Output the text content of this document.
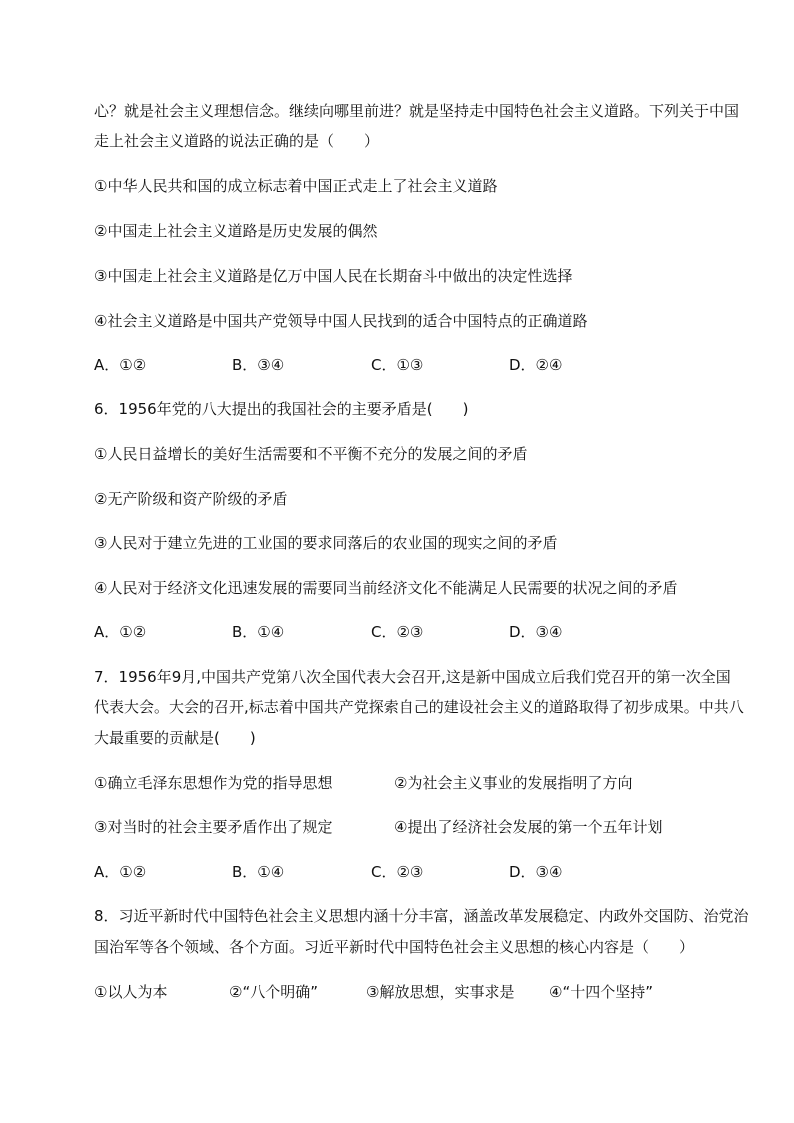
心？就是社会主义理想信念。继续向哪里前进？就是坚持走中国特色社会主义道路。下列关于中国
走上社会主义道路的说法正确的是（　　）
①中华人民共和国的成立标志着中国正式走上了社会主义道路
②中国走上社会主义道路是历史发展的偶然
③中国走上社会主义道路是亿万中国人民在长期奋斗中做出的决定性选择
④社会主义道路是中国共产党领导中国人民找到的适合中国特点的正确道路
A．①②	B．③④	C．①③	D．②④
6．1956年党的八大提出的我国社会的主要矛盾是(　　)
①人民日益增长的美好生活需要和不平衡不充分的发展之间的矛盾
②无产阶级和资产阶级的矛盾
③人民对于建立先进的工业国的要求同落后的农业国的现实之间的矛盾
④人民对于经济文化迅速发展的需要同当前经济文化不能满足人民需要的状况之间的矛盾
A．①②	B．①④	C．②③	D．③④
7．1956年9月,中国共产党第八次全国代表大会召开,这是新中国成立后我们党召开的第一次全国
代表大会。大会的召开,标志着中国共产党探索自己的建设社会主义的道路取得了初步成果。中共八
大最重要的贡献是(　　)
①确立毛泽东思想作为党的指导思想	②为社会主义事业的发展指明了方向
③对当时的社会主要矛盾作出了规定	④提出了经济社会发展的第一个五年计划
A．①②	B．①④	C．②③	D．③④
8．习近平新时代中国特色社会主义思想内涵十分丰富，涵盖改革发展稳定、内政外交国防、治党治
国治军等各个领域、各个方面。习近平新时代中国特色社会主义思想的核心内容是（　　）
①以人为本	②“八个明确”	③解放思想，实事求是 ④“十四个坚持”
